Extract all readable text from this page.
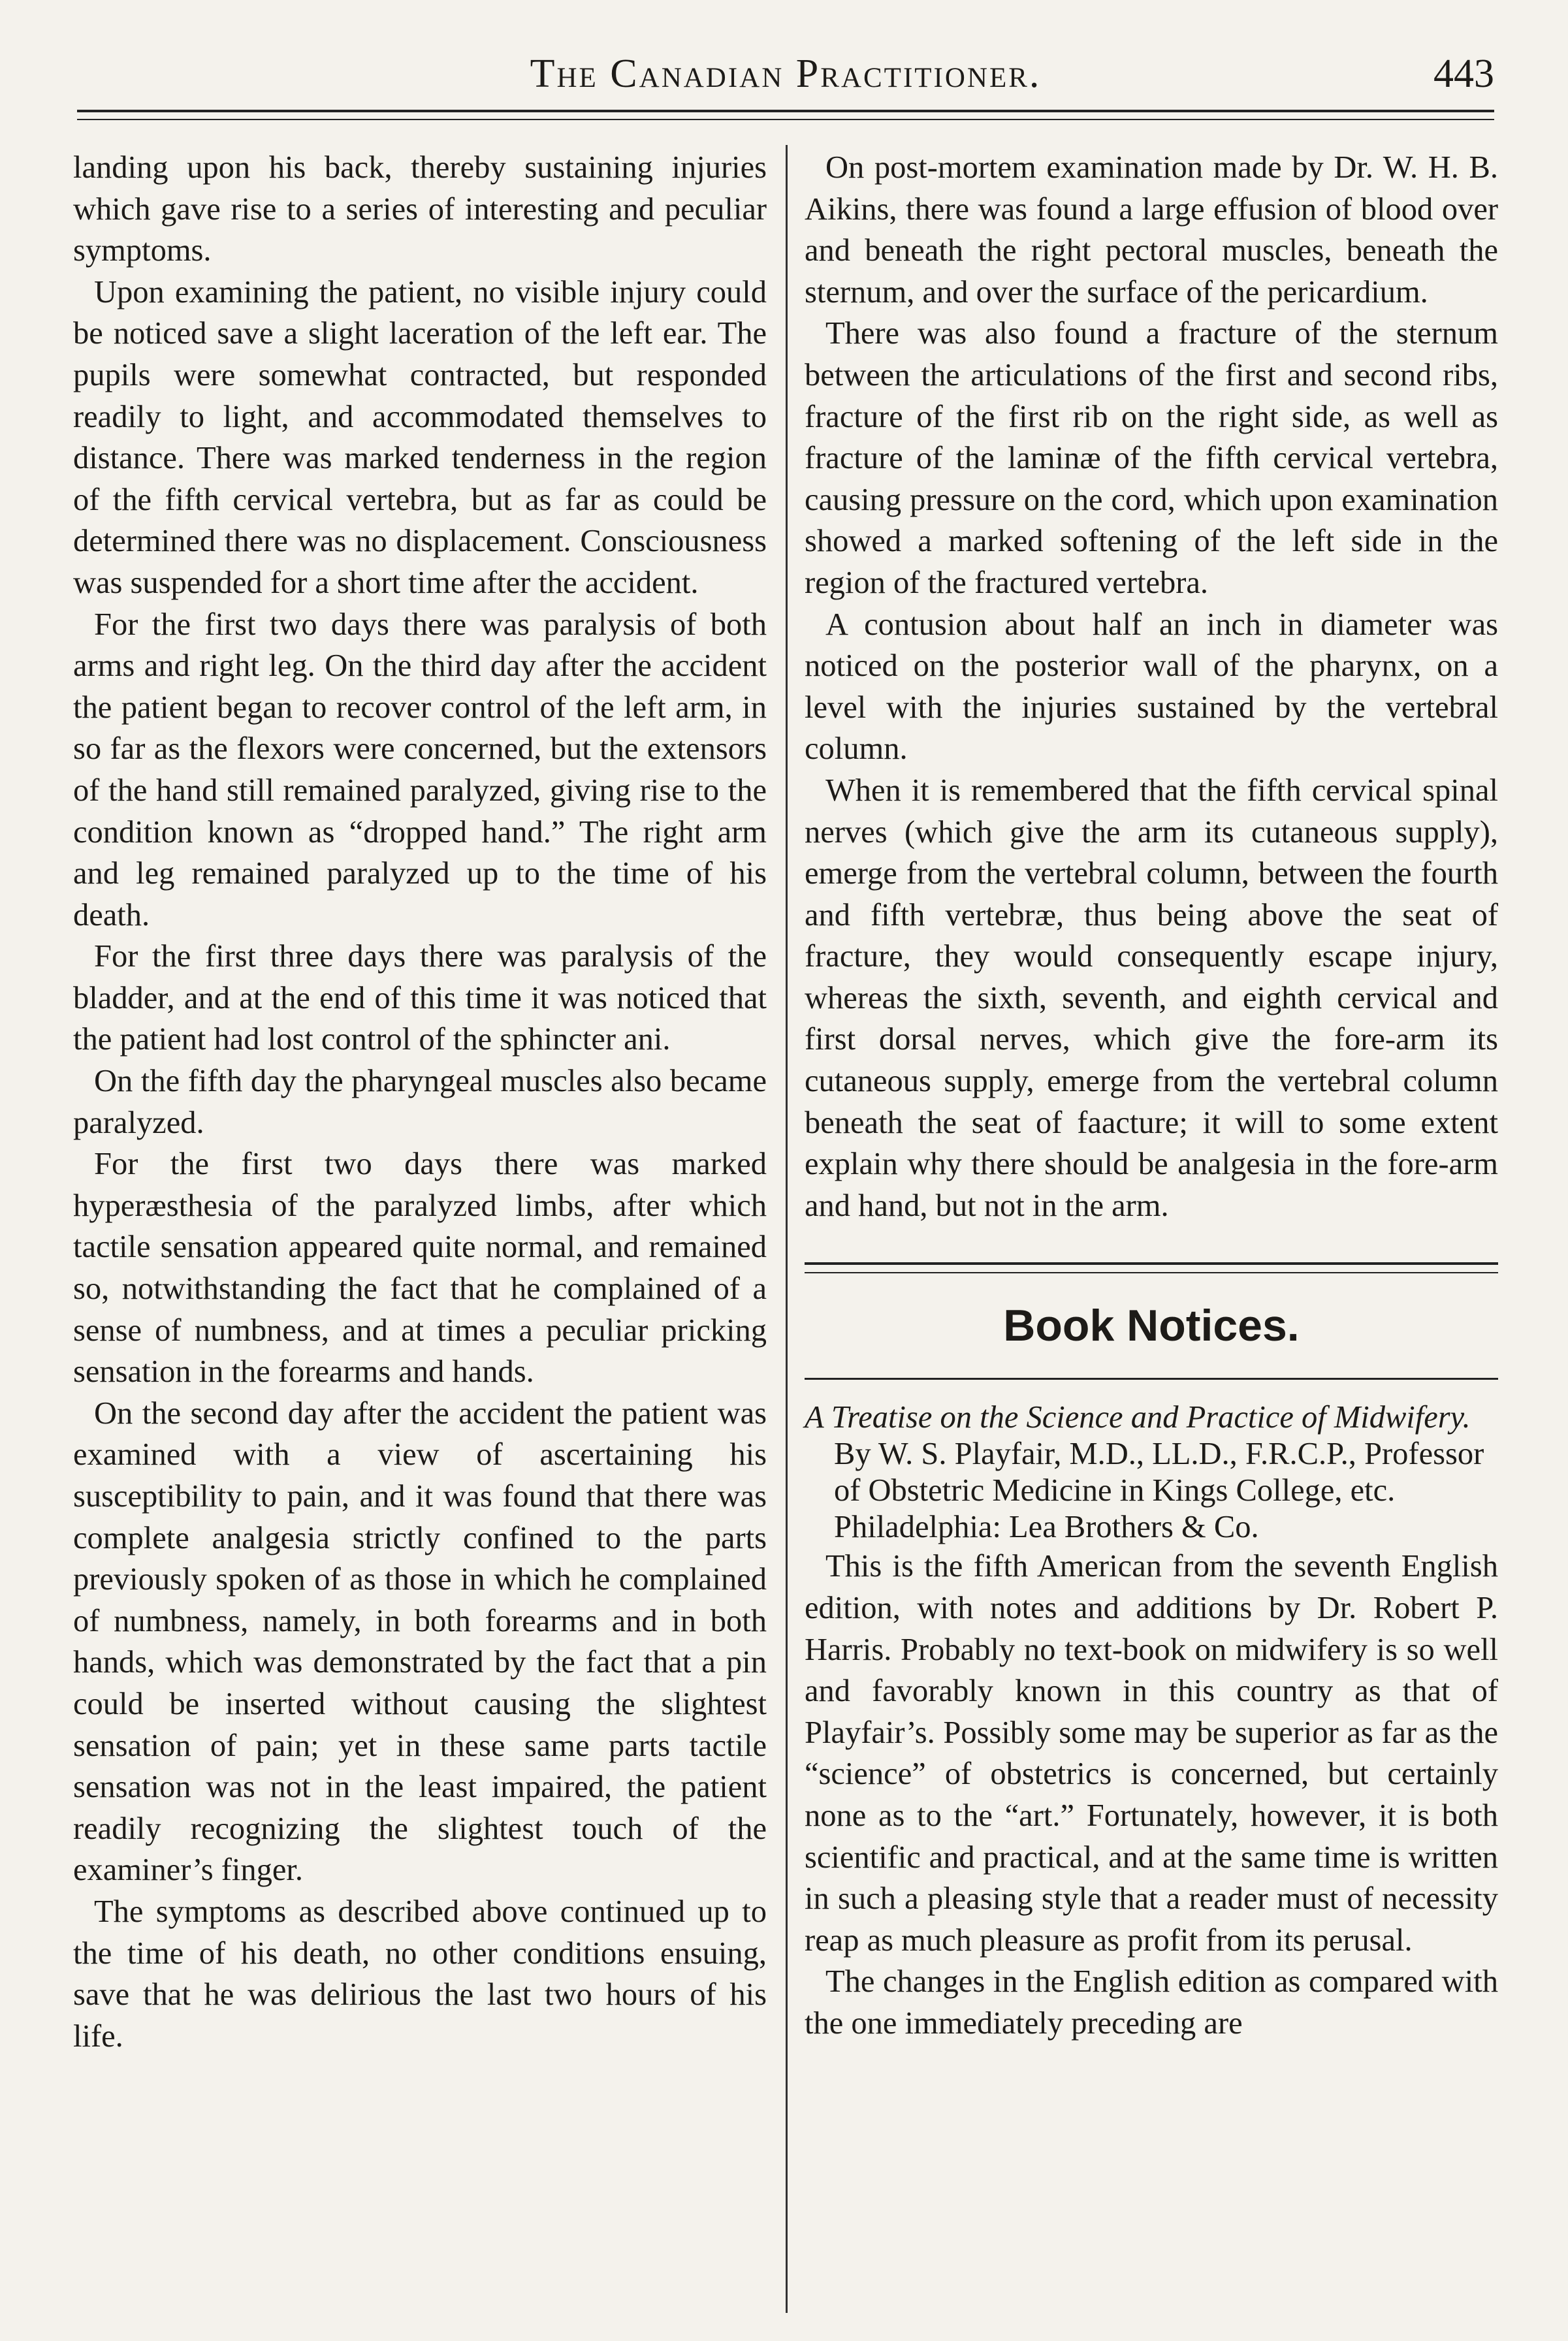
The Canadian Practitioner.	443

landing upon his back, thereby sustaining injuries which gave rise to a series of interesting and peculiar symptoms.

Upon examining the patient, no visible injury could be noticed save a slight laceration of the left ear. The pupils were somewhat contracted, but responded readily to light, and accommodated themselves to distance. There was marked tenderness in the region of the fifth cervical vertebra, but as far as could be determined there was no displacement. Consciousness was suspended for a short time after the accident.

For the first two days there was paralysis of both arms and right leg. On the third day after the accident the patient began to recover control of the left arm, in so far as the flexors were concerned, but the extensors of the hand still remained paralyzed, giving rise to the condition known as “dropped hand.” The right arm and leg remained paralyzed up to the time of his death.

For the first three days there was paralysis of the bladder, and at the end of this time it was noticed that the patient had lost control of the sphincter ani.

On the fifth day the pharyngeal muscles also became paralyzed.

For the first two days there was marked hyperæsthesia of the paralyzed limbs, after which tactile sensation appeared quite normal, and remained so, notwithstanding the fact that he complained of a sense of numbness, and at times a peculiar pricking sensation in the forearms and hands.

On the second day after the accident the patient was examined with a view of ascertaining his susceptibility to pain, and it was found that there was complete analgesia strictly confined to the parts previously spoken of as those in which he complained of numbness, namely, in both forearms and in both hands, which was demonstrated by the fact that a pin could be inserted without causing the slightest sensation of pain; yet in these same parts tactile sensation was not in the least impaired, the patient readily recognizing the slightest touch of the examiner’s finger.

The symptoms as described above continued up to the time of his death, no other conditions ensuing, save that he was delirious the last two hours of his life.

On post-mortem examination made by Dr. W. H. B. Aikins, there was found a large effusion of blood over and beneath the right pectoral muscles, beneath the sternum, and over the surface of the pericardium.

There was also found a fracture of the sternum between the articulations of the first and second ribs, fracture of the first rib on the right side, as well as fracture of the laminæ of the fifth cervical vertebra, causing pressure on the cord, which upon examination showed a marked softening of the left side in the region of the fractured vertebra.

A contusion about half an inch in diameter was noticed on the posterior wall of the pharynx, on a level with the injuries sustained by the vertebral column.

When it is remembered that the fifth cervical spinal nerves (which give the arm its cutaneous supply), emerge from the vertebral column, between the fourth and fifth vertebræ, thus being above the seat of fracture, they would consequently escape injury, whereas the sixth, seventh, and eighth cervical and first dorsal nerves, which give the fore-arm its cutaneous supply, emerge from the vertebral column beneath the seat of faacture; it will to some extent explain why there should be analgesia in the fore-arm and hand, but not in the arm.

Book Notices.

A Treatise on the Science and Practice of Midwifery. By W. S. Playfair, M.D., LL.D., F.R.C.P., Professor of Obstetric Medicine in Kings College, etc. Philadelphia: Lea Brothers & Co.

This is the fifth American from the seventh English edition, with notes and additions by Dr. Robert P. Harris. Probably no text-book on midwifery is so well and favorably known in this country as that of Playfair’s. Possibly some may be superior as far as the “science” of obstetrics is concerned, but certainly none as to the “art.” Fortunately, however, it is both scientific and practical, and at the same time is written in such a pleasing style that a reader must of necessity reap as much pleasure as profit from its perusal.

The changes in the English edition as compared with the one immediately preceding are
